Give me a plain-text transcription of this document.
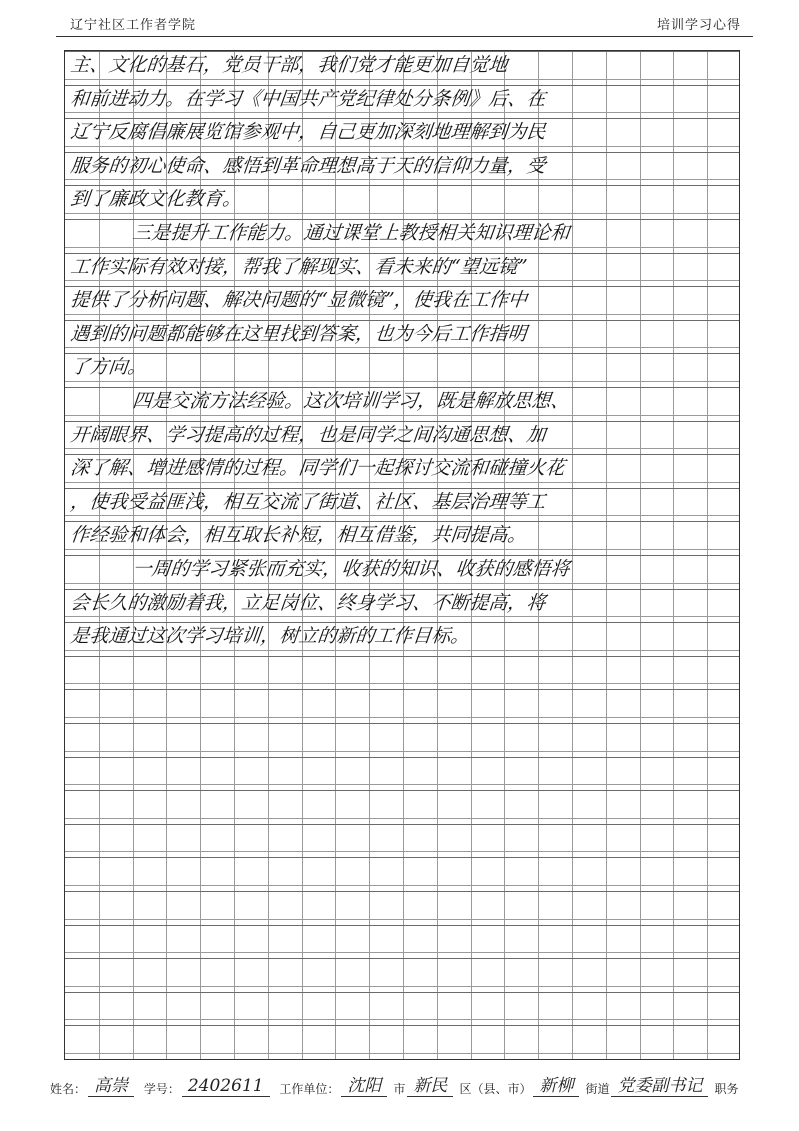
辽宁社区工作者学院	培训学习心得
主、文化的基石，党员干部，我们党才能更加自觉地
和前进动力。在学习《中国共产党纪律处分条例》后、在
辽宁反腐倡廉展览馆参观中，自己更加深刻地理解到为民
服务的初心使命、感悟到革命理想高于天的信仰力量，受
到了廉政文化教育。
三是提升工作能力。通过课堂上教授相关知识理论和
工作实际有效对接，帮我了解现实、看未来的“望远镜”
提供了分析问题、解决问题的“显微镜”，使我在工作中
遇到的问题都能够在这里找到答案，也为今后工作指明
了方向。
四是交流方法经验。这次培训学习，既是解放思想、
开阔眼界、学习提高的过程，也是同学之间沟通思想、加
深了解、增进感情的过程。同学们一起探讨交流和碰撞火花
，使我受益匪浅，相互交流了街道、社区、基层治理等工
作经验和体会，相互取长补短，相互借鉴，共同提高。
一周的学习紧张而充实，收获的知识、收获的感悟将
会长久的激励着我，立足岗位、终身学习、不断提高，将
是我通过这次学习培训，树立的新的工作目标。
姓名： 高崇 学号： 2402611 工作单位： 沈阳 市 新民 区（县、市） 新柳 街道 党委副书记 职务
